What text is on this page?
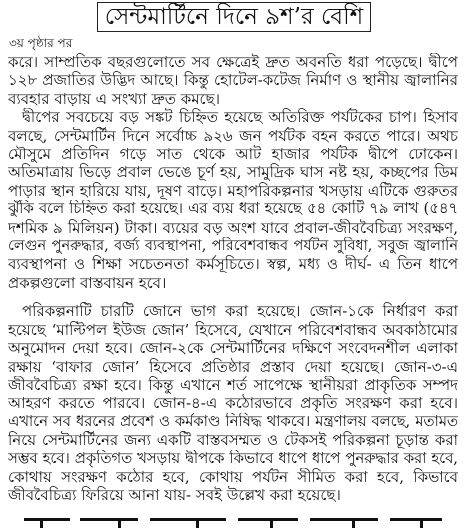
সেন্টমার্টিনে দিনে ৯শ’র বেশি
৩য় পৃষ্ঠার পর
করে। সাম্প্রতিক বছরগুলোতে সব ক্ষেত্রেই দ্রুত অবনতি ধরা পড়েছে। দ্বীপে
১২৮ প্রজাতির উদ্ভিদ আছে। কিন্তু হোটেল-কটেজ নির্মাণ ও স্থানীয় জ্বালানির
ব্যবহার বাড়ায় এ সংখ্যা দ্রুত কমছে।
দ্বীপের সবচেয়ে বড় সঙ্কট চিহ্নিত হয়েছে অতিরিক্ত পর্যটকের চাপ। হিসাব
বলছে, সেন্টমার্টিন দিনে সর্বোচ্চ ৯২৬ জন পর্যটক বহন করতে পারে। অথচ
মৌসুমে প্রতিদিন গড়ে সাত থেকে আট হাজার পর্যটক দ্বীপে ঢোকেন।
অতিমাত্রায় ভিড়ে প্রবাল ভেঙে চূর্ণ হয়, সামুদ্রিক ঘাস নষ্ট হয়, কচ্ছপের ডিম
পাড়ার স্থান হারিয়ে যায়, দূষণ বাড়ে। মহাপরিকল্পনার খসড়ায় এটিকে গুরুতর
ঝুঁকি বলে চিহ্নিত করা হয়েছে। এর ব্যয় ধরা হয়েছে ৫৪ কোটি ৭৯ লাখ (৫৪৭
দশমিক ৯ মিলিয়ন) টাকা। ব্যয়ের বড় অংশ যাবে প্রবাল-জীববৈচিত্র্য সংরক্ষণ,
লেগুন পুনরুদ্ধার, বর্জ্য ব্যবস্থাপনা, পরিবেশবান্ধব পর্যটন সুবিধা, সবুজ জ্বালানি
ব্যবস্থাপনা ও শিক্ষা সচেতনতা কর্মসূচিতে। স্বল্প, মধ্য ও দীর্ঘ- এ তিন ধাপে
প্রকল্পগুলো বাস্তবায়ন হবে।
পরিকল্পনাটি চারটি জোনে ভাগ করা হয়েছে। জোন-১কে নির্ধারণ করা
হয়েছে ‘মাল্টিপল ইউজ জোন’ হিসেবে, যেখানে পরিবেশবান্ধব অবকাঠামোর
অনুমোদন দেয়া হবে। জোন-২কে সেন্টমার্টিনের দক্ষিণে সংবেদনশীল এলাকা
রক্ষায় ‘বাফার জোন’ হিসেবে প্রতিষ্ঠার প্রস্তাব দেয়া হয়েছে। জোন-৩-এ
জীববৈচিত্র্য রক্ষা হবে। কিন্তু এখানে শর্ত সাপেক্ষে স্থানীয়রা প্রাকৃতিক সম্পদ
আহরণ করতে পারবে। জোন-৪-এ কঠোরভাবে প্রকৃতি সংরক্ষণ করা হবে।
এখানে সব ধরনের প্রবেশ ও কর্মকাণ্ড নিষিদ্ধ থাকবে। মন্ত্রণালয় বলছে, মতামত
নিয়ে সেন্টমার্টিনের জন্য একটি বাস্তবসম্মত ও টেকসই পরিকল্পনা চূড়ান্ত করা
সম্ভব হবে। প্রকৃতিগত খসড়ায় দ্বীপকে কিভাবে ধাপে ধাপে পুনরুদ্ধার করা হবে,
কোথায় সংরক্ষণ কঠোর হবে, কোথায় পর্যটন সীমিত করা হবে, কিভাবে
জীববৈচিত্র্য ফিরিয়ে আনা যায়- সবই উল্লেখ করা হয়েছে।
